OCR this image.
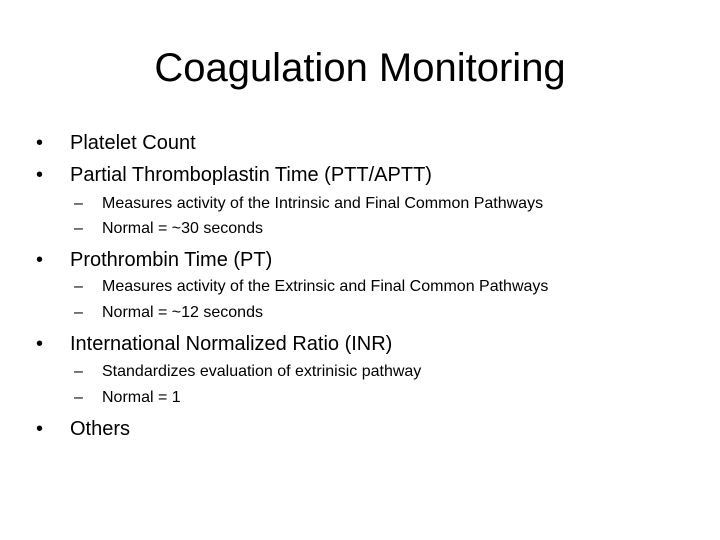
Coagulation Monitoring
• Platelet Count
• Partial Thromboplastin Time (PTT/APTT)
– Measures activity of the Intrinsic and Final Common Pathways
– Normal = ~30 seconds
• Prothrombin Time (PT)
– Measures activity of the Extrinsic and Final Common Pathways
– Normal = ~12 seconds
• International Normalized Ratio (INR)
– Standardizes evaluation of extrinisic pathway
– Normal = 1
• Others
